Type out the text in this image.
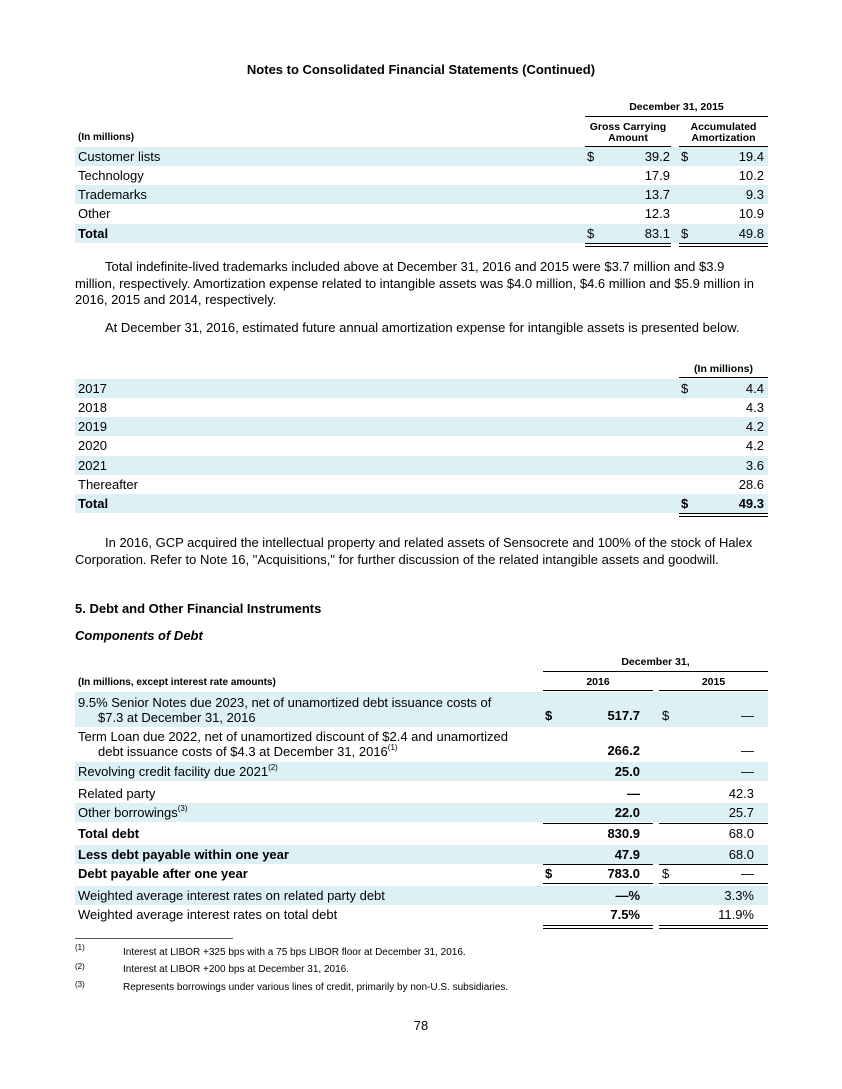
Notes to Consolidated Financial Statements (Continued)
December 31, 2015
Gross Carrying
Amount
Accumulated
Amortization
(In millions)
Customer lists	$	39.2 $	19.4
Technology	17.9	10.2
Trademarks	13.7	9.3
Other	12.3	10.9
Total	$	83.1 $	49.8
Total indefinite-lived trademarks included above at December 31, 2016 and 2015 were $3.7 million and $3.9 million, respectively. Amortization expense related to intangible assets was $4.0 million, $4.6 million and $5.9 million in 2016, 2015 and 2014, respectively.
At December 31, 2016, estimated future annual amortization expense for intangible assets is presented below.
(In millions)
2017	$	4.4
2018	4.3
2019	4.2
2020	4.2
2021	3.6
Thereafter	28.6
Total	$	49.3
In 2016, GCP acquired the intellectual property and related assets of Sensocrete and 100% of the stock of Halex Corporation. Refer to Note 16, "Acquisitions," for further discussion of the related intangible assets and goodwill.
5. Debt and Other Financial Instruments
Components of Debt
December 31,
(In millions, except interest rate amounts)	2016	2015
9.5% Senior Notes due 2023, net of unamortized debt issuance costs of
$7.3 at December 31, 2016	$	517.7 $	—
Term Loan due 2022, net of unamortized discount of $2.4 and unamortized
debt issuance costs of $4.3 at December 31, 2016$^{(1)}$	266.2	—
Revolving credit facility due 2021$^{(2)}$	25.0	—
Related party	—	42.3
Other borrowings$^{(3)}$	22.0	25.7
Total debt	830.9	68.0
Less debt payable within one year	47.9	68.0
Debt payable after one year	$	783.0 $	—
Weighted average interest rates on related party debt	—%	3.3%
Weighted average interest rates on total debt	7.5%	11.9%
(1)	Interest at LIBOR +325 bps with a 75 bps LIBOR floor at December 31, 2016.
(2)	Interest at LIBOR +200 bps at December 31, 2016.
(3)	Represents borrowings under various lines of credit, primarily by non-U.S. subsidiaries.
78
